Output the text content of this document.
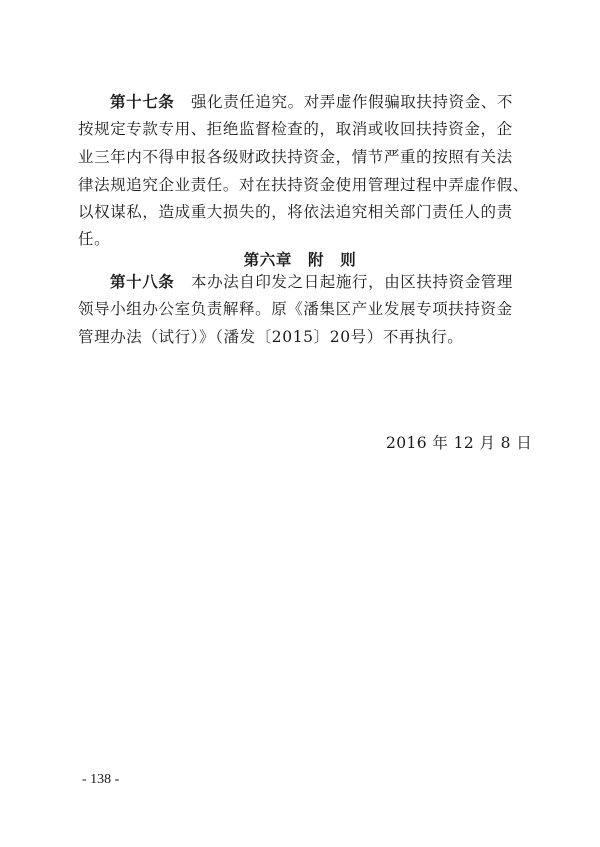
第十七条 强化责任追究。对弄虚作假骗取扶持资金、不
按规定专款专用、拒绝监督检查的，取消或收回扶持资金，企
业三年内不得申报各级财政扶持资金，情节严重的按照有关法
律法规追究企业责任。对在扶持资金使用管理过程中弄虚作假、
以权谋私，造成重大损失的，将依法追究相关部门责任人的责
任。
第六章　附　则
第十八条 本办法自印发之日起施行，由区扶持资金管理
领导小组办公室负责解释。原《潘集区产业发展专项扶持资金
管理办法（试行）》（潘发〔2015〕20号）不再执行。
2016 年 12 月 8 日
- 138 -
